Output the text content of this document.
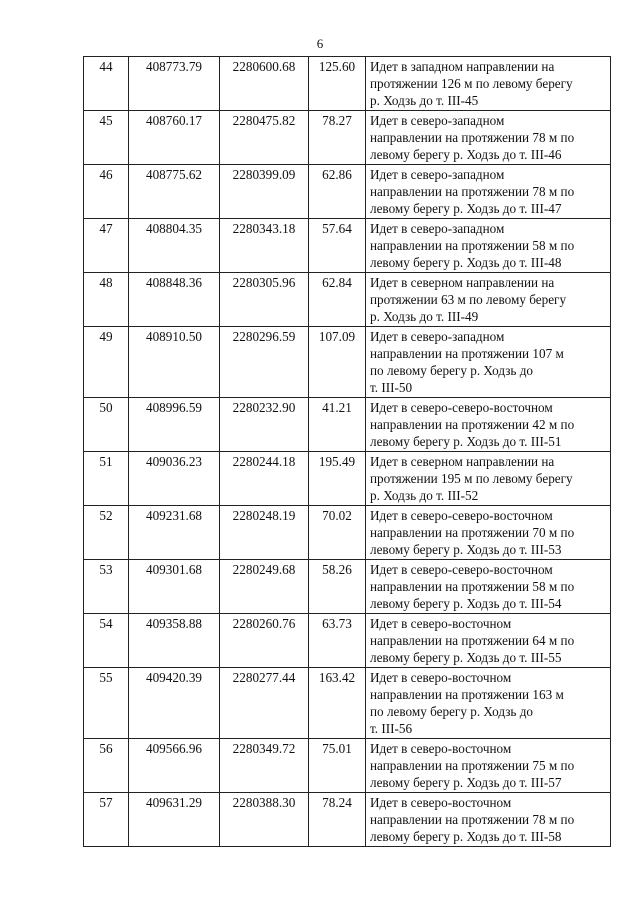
6
44	408773.79	2280600.68	125.60	Идет в западном направлении на
протяжении 126 м по левому берегу
р. Ходзь до т. III-45

45	408760.17	2280475.82	78.27	Идет в северо-западном
направлении на протяжении 78 м по
левому берегу р. Ходзь до т. III-46

46	408775.62	2280399.09	62.86	Идет в северо-западном
направлении на протяжении 78 м по
левому берегу р. Ходзь до т. III-47

47	408804.35	2280343.18	57.64	Идет в северо-западном
направлении на протяжении 58 м по
левому берегу р. Ходзь до т. III-48

48	408848.36	2280305.96	62.84	Идет в северном направлении на
протяжении 63 м по левому берегу
р. Ходзь до т. III-49

49	408910.50	2280296.59	107.09	Идет в северо-западном
направлении на протяжении 107 м
по левому берегу р. Ходзь до
т. III-50

50	408996.59	2280232.90	41.21	Идет в северо-северо-восточном
направлении на протяжении 42 м по
левому берегу р. Ходзь до т. III-51

51	409036.23	2280244.18	195.49	Идет в северном направлении на
протяжении 195 м по левому берегу
р. Ходзь до т. III-52

52	409231.68	2280248.19	70.02	Идет в северо-северо-восточном
направлении на протяжении 70 м по
левому берегу р. Ходзь до т. III-53

53	409301.68	2280249.68	58.26	Идет в северо-северо-восточном
направлении на протяжении 58 м по
левому берегу р. Ходзь до т. III-54

54	409358.88	2280260.76	63.73	Идет в северо-восточном
направлении на протяжении 64 м по
левому берегу р. Ходзь до т. III-55

55	409420.39	2280277.44	163.42	Идет в северо-восточном
направлении на протяжении 163 м
по левому берегу р. Ходзь до
т. III-56

56	409566.96	2280349.72	75.01	Идет в северо-восточном
направлении на протяжении 75 м по
левому берегу р. Ходзь до т. III-57

57	409631.29	2280388.30	78.24	Идет в северо-восточном
направлении на протяжении 78 м по
левому берегу р. Ходзь до т. III-58
